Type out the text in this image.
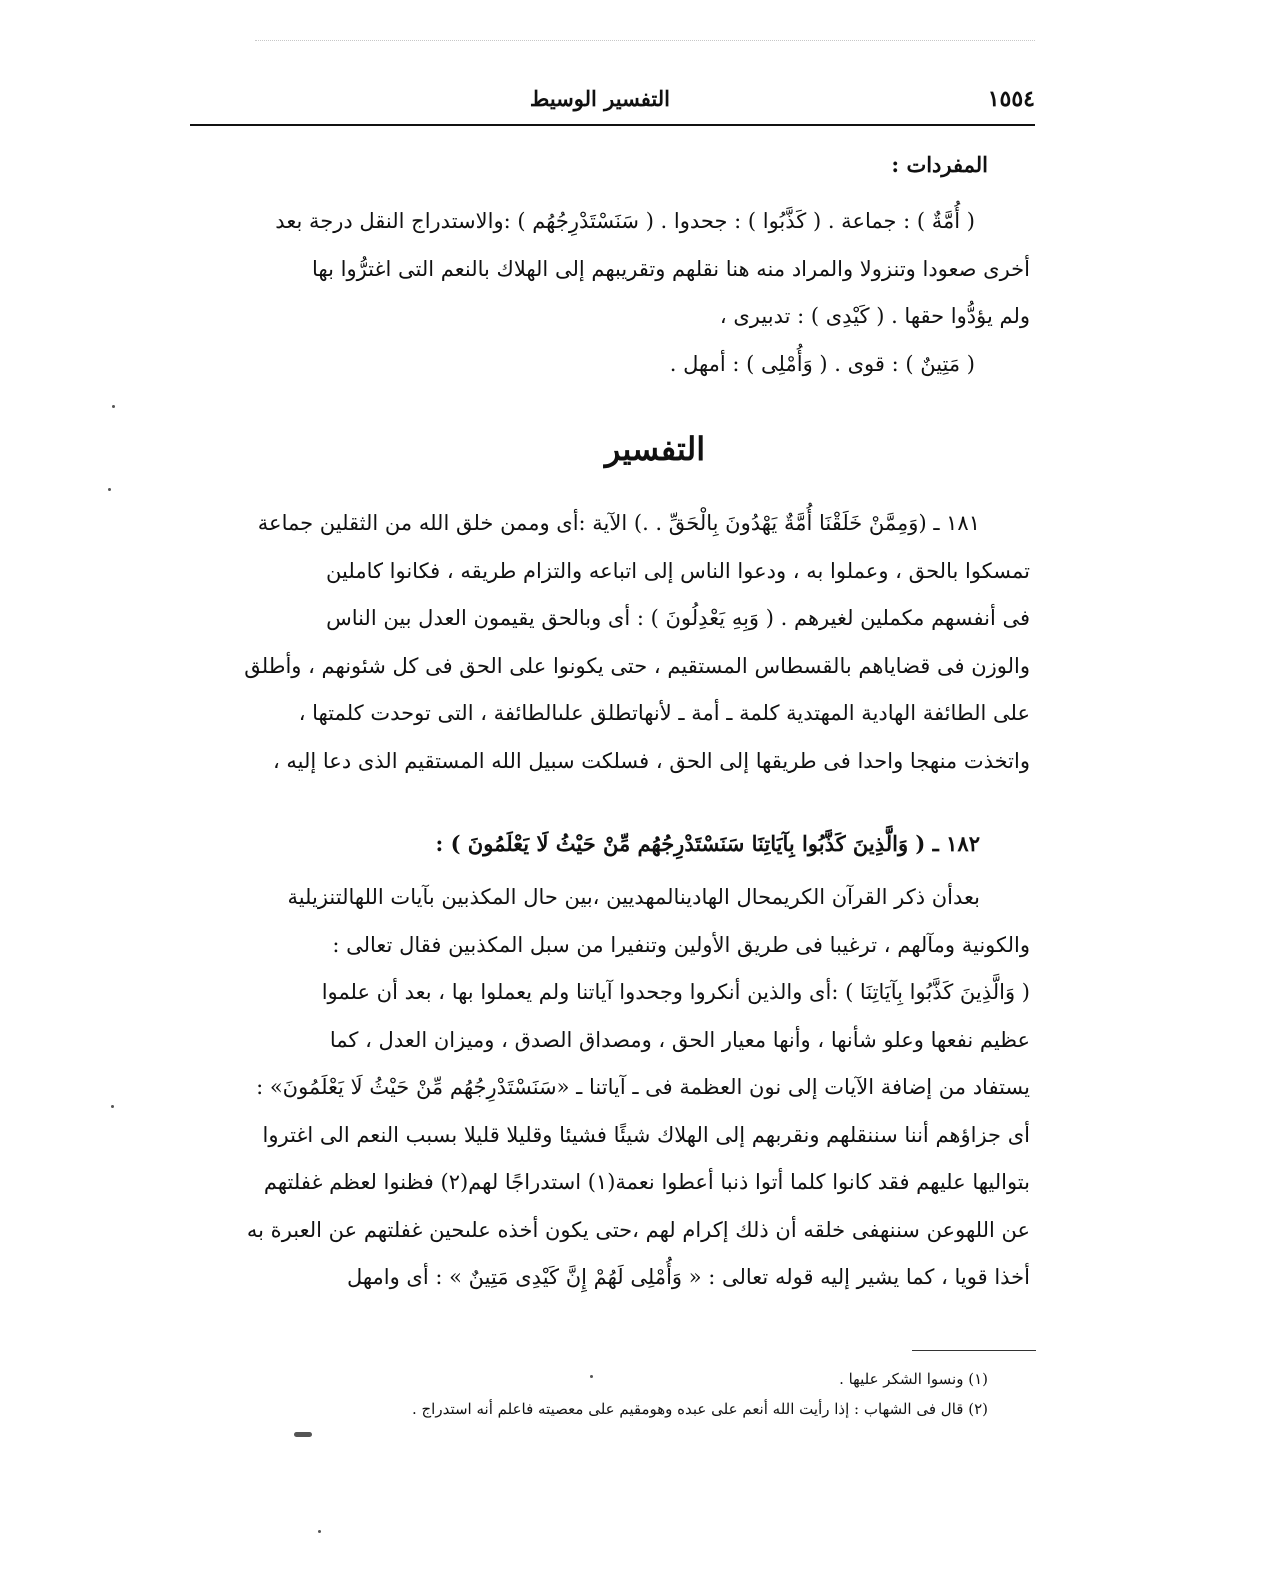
التفسير الوسيط	١٥٥٤
المفردات :

( أُمَّةٌ ) : جماعة . ( كَذَّبُوا ) : جحدوا . ( سَنَسْتَدْرِجُهُم ) :والاستدراج النقل درجة بعد

أخرى صعودا وتنزولا والمراد منه هنا نقلهم وتقريبهم إلى الهلاك بالنعم التى اغترُّوا بها

ولم يؤدُّوا حقها . ( كَيْدِى ) : تدبيرى ،

( مَتِينٌ ) : قوى . ( وَأُمْلِى ) : أمهل .

التفسير

١٨١ ـ (وَمِمَّنْ خَلَقْنَا أُمَّةٌ يَهْدُونَ بِالْحَقِّ . .) الآية :أى وممن خلق الله من الثقلين جماعة

تمسكوا بالحق ، وعملوا به ، ودعوا الناس إلى اتباعه والتزام طريقه ، فكانوا كاملين

فى أنفسهم مكملين لغيرهم . ( وَبِهِ يَعْدِلُونَ ) : أى وبالحق يقيمون العدل بين الناس

والوزن فى قضاياهم بالقسطاس المستقيم ، حتى يكونوا على الحق فى كل شئونهم ، وأطلق

على الطائفة الهادية المهتدية كلمة ـ أمة ـ لأنهاتطلق علىالطائفة ، التى توحدت كلمتها ،

واتخذت منهجا واحدا فى طريقها إلى الحق ، فسلكت سبيل الله المستقيم الذى دعا إليه ،

١٨٢ ـ ( وَالَّذِينَ كَذَّبُوا بِآيَاتِنَا سَنَسْتَدْرِجُهُم مِّنْ حَيْثُ لَا يَعْلَمُونَ ) :

بعدأن ذكر القرآن الكريمحال الهادينالمهديين ،بين حال المكذبين بآيات اللهالتنزيلية

والكونية ومآلهم ، ترغيبا فى طريق الأولين وتنفيرا من سبل المكذبين فقال تعالى :

( وَالَّذِينَ كَذَّبُوا بِآيَاتِنَا ) :أى والذين أنكروا وجحدوا آياتنا ولم يعملوا بها ، بعد أن علموا

عظيم نفعها وعلو شأنها ، وأنها معيار الحق ، ومصداق الصدق ، وميزان العدل ، كما

يستفاد من إضافة الآيات إلى نون العظمة فى ـ آياتنا ـ «سَنَسْتَدْرِجُهُم مِّنْ حَيْثُ لَا يَعْلَمُونَ» :

أى جزاؤهم أننا سننقلهم ونقربهم إلى الهلاك شيئًا فشيئا وقليلا قليلا بسبب النعم الى اغتروا

بتواليها عليهم فقد كانوا كلما أتوا ذنبا أعطوا نعمة(١) استدراجًا لهم(٢) فظنوا لعظم غفلتهم

عن اللهوعن سننهفى خلقه أن ذلك إكرام لهم ،حتى يكون أخذه علىحين غفلتهم عن العبرة به

أخذا قويا ، كما يشير إليه قوله تعالى : « وَأُمْلِى لَهُمْ إِنَّ كَيْدِى مَتِينٌ » : أى وامهل

(١) ونسوا الشكر عليها .

(٢) قال فى الشهاب : إذا رأيت الله أنعم على عبده وهومقيم على معصيته فاعلم أنه استدراج .
